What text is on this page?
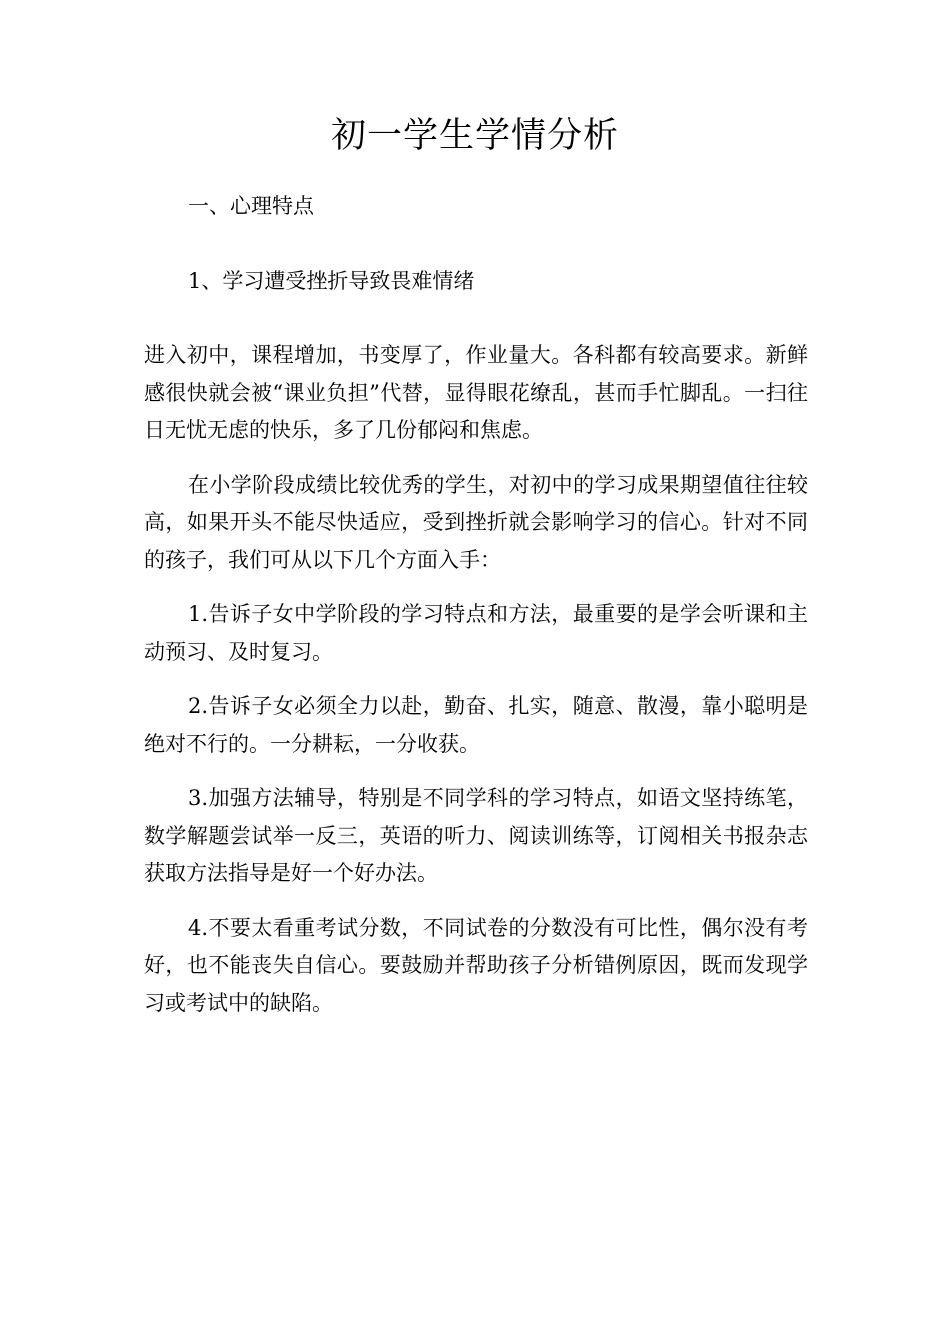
初一学生学情分析
一、心理特点
1、学习遭受挫折导致畏难情绪

进入初中，课程增加，书变厚了，作业量大。各科都有较高要求。新鲜感很快就会被“课业负担”代替，显得眼花缭乱，甚而手忙脚乱。一扫往日无忧无虑的快乐，多了几份郁闷和焦虑。

在小学阶段成绩比较优秀的学生，对初中的学习成果期望值往往较高，如果开头不能尽快适应，受到挫折就会影响学习的信心。针对不同的孩子，我们可从以下几个方面入手：

1.告诉子女中学阶段的学习特点和方法，最重要的是学会听课和主动预习、及时复习。

2.告诉子女必须全力以赴，勤奋、扎实，随意、散漫，靠小聪明是绝对不行的。一分耕耘，一分收获。

3.加强方法辅导，特别是不同学科的学习特点，如语文坚持练笔，数学解题尝试举一反三，英语的听力、阅读训练等，订阅相关书报杂志获取方法指导是好一个好办法。

4.不要太看重考试分数，不同试卷的分数没有可比性，偶尔没有考好，也不能丧失自信心。要鼓励并帮助孩子分析错例原因，既而发现学习或考试中的缺陷。
